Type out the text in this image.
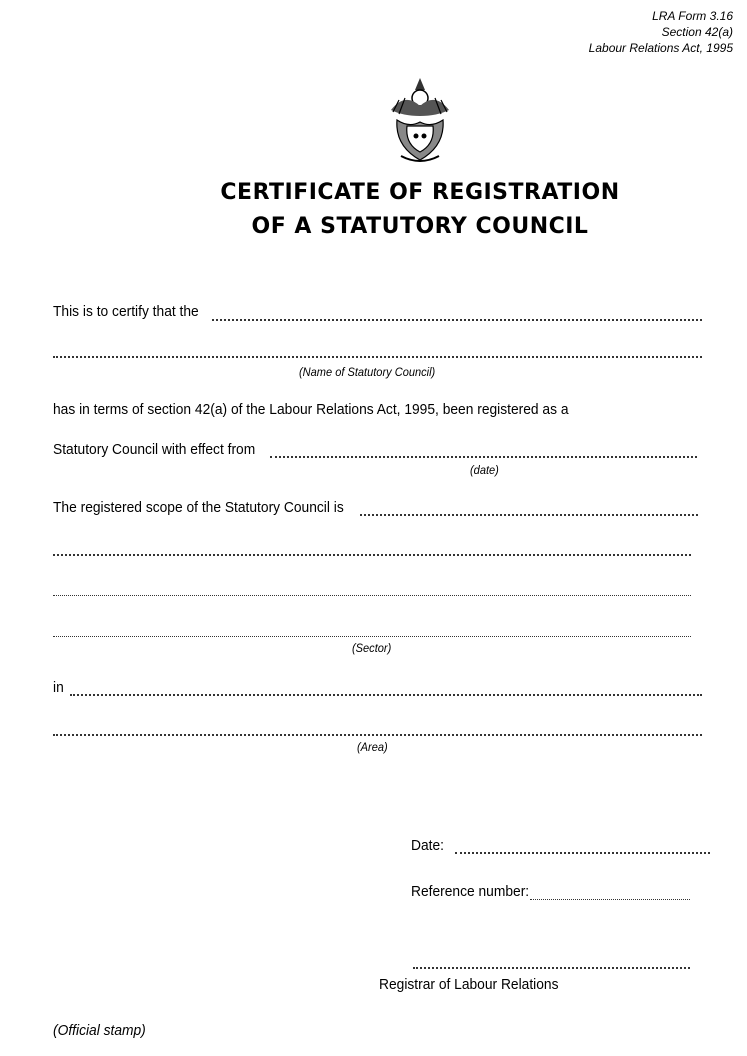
LRA Form 3.16
Section 42(a)
Labour Relations Act, 1995
CERTIFICATE OF REGISTRATION
OF A STATUTORY COUNCIL
This is to certify that the
(Name of Statutory Council)
has in terms of section 42(a) of the Labour Relations Act, 1995, been registered as a
Statutory Council with effect from
(date)
The registered scope of the Statutory Council is
(Sector)
in
(Area)
Date:
Reference number:
Registrar of Labour Relations
(Official stamp)
